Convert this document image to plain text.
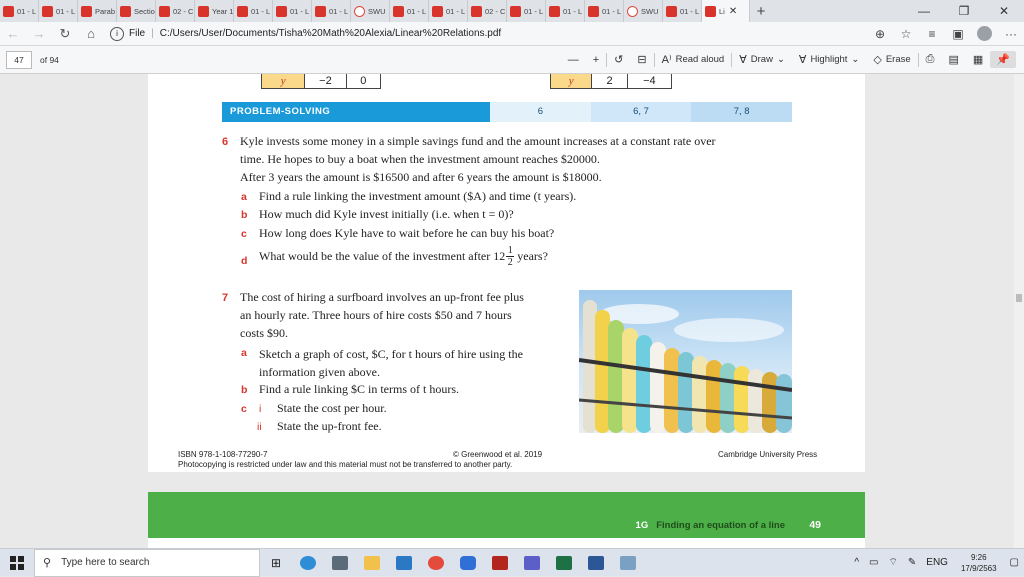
01 - L	01 - L	Parab	Sectio 02 - C Year 1 01 - L	01 - L	01 - L	SWU	01 - L	01 - L	02 - C 01 - L	01 - L	01 - L	SWU	01 - L	Li ✕	+	—	❐	✕
←	→	↻	⌂	i	File | C:/Users/User/Documents/Tisha%20Math%20Alexia/Linear%20Relations.pdf	⊕	☆	≡	▣	···
47	of 94	— + ↺ ⊟ A⁾ Read aloud ∀ Draw ⌄ ∀ Highlight ⌄ ◇ Erase ⎙ ▤ ▦ 📌
y	−2	0	y	2	−4
PROBLEM-SOLVING	6	6, 7	7, 8
6 Kyle invests some money in a simple savings fund and the amount increases at a constant rate over
time. He hopes to buy a boat when the investment amount reaches $20000.
After 3 years the amount is $16500 and after 6 years the amount is $18000.
a Find a rule linking the investment amount ($A) and time (t years).
b How much did Kyle invest initially (i.e. when t = 0)?
c How long does Kyle have to wait before he can buy his boat?
d What would be the value of the investment after $12 \frac{1}{2}$ years?
7 The cost of hiring a surfboard involves an up-front fee plus
an hourly rate. Three hours of hire costs $50 and 7 hours
costs $90.
a Sketch a graph of cost, $C, for t hours of hire using the
information given above.
b Find a rule linking $C in terms of t hours.
c i State the cost per hour.
ii State the up-front fee.
ISBN 978-1-108-77290-7	© Greenwood et al. 2019	Cambridge University Press
Photocopying is restricted under law and this material must not be transferred to another party.
1G Finding an equation of a line 49
⚲ Type here to search	⊞	^	▭	⌔	✎	ENG	9:26
17/9/2563	▢
